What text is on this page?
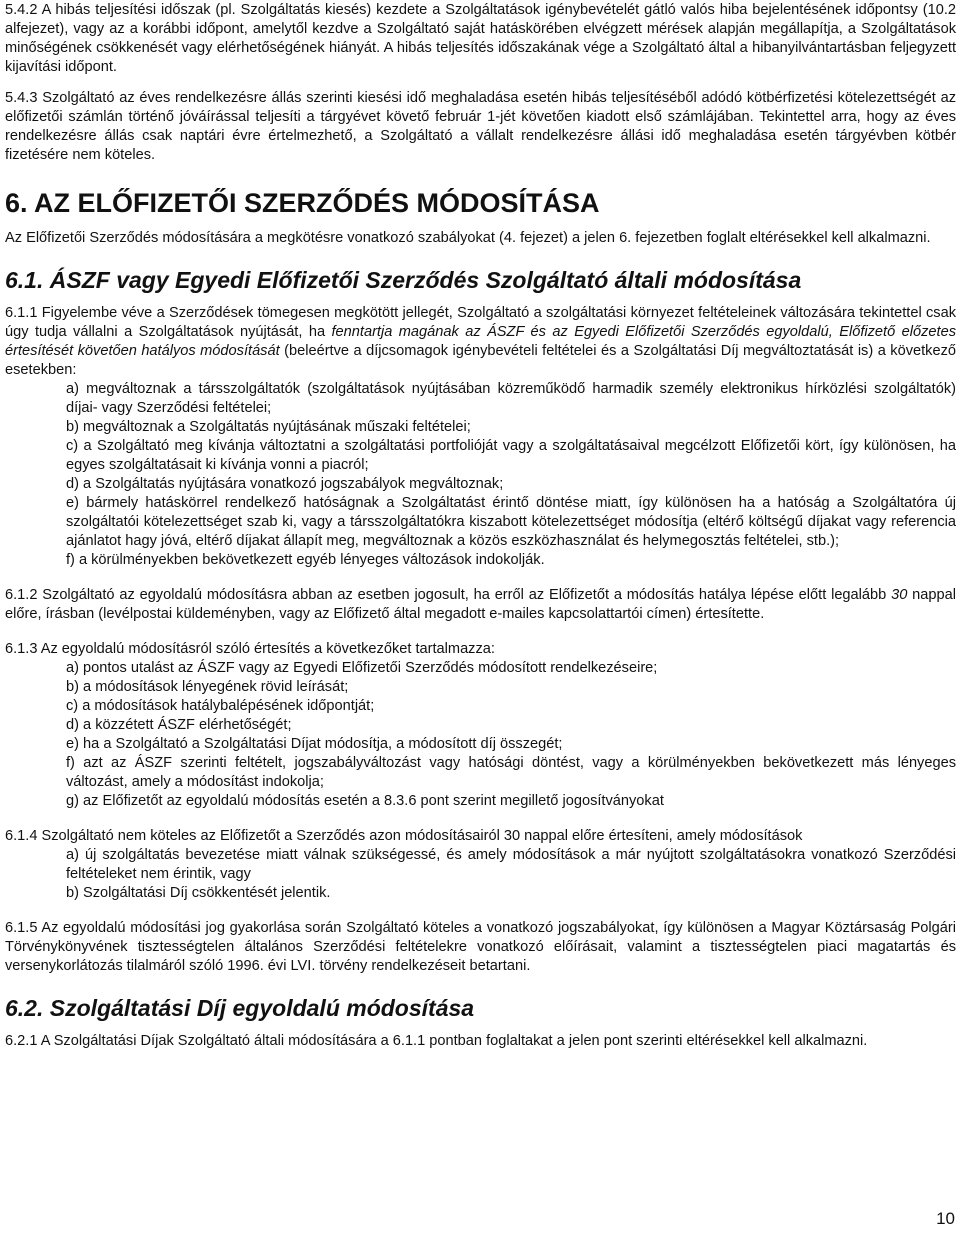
5.4.2 A hibás teljesítési időszak (pl. Szolgáltatás kiesés) kezdete a Szolgáltatások igénybevételét gátló valós hiba bejelentésének időpontsy (10.2 alfejezet), vagy az a korábbi időpont, amelytől kezdve a Szolgáltató saját hatáskörében elvégzett mérések alapján megállapítja, a Szolgáltatások minőségének csökkenését vagy elérhetőségének hiányát. A hibás teljesítés időszakának vége a Szolgáltató által a hibanyilvántartásban feljegyzett kijavítási időpont.

5.4.3 Szolgáltató az éves rendelkezésre állás szerinti kiesési idő meghaladása esetén hibás teljesítéséből adódó kötbérfizetési kötelezettségét az előfizetői számlán történő jóváírással teljesíti a tárgyévet követő február 1-jét követően kiadott első számlájában. Tekintettel arra, hogy az éves rendelkezésre állás csak naptári évre értelmezhető, a Szolgáltató a vállalt rendelkezésre állási idő meghaladása esetén tárgyévben kötbér fizetésére nem köteles.

6. AZ ELŐFIZETŐI SZERZŐDÉS MÓDOSÍTÁSA

Az Előfizetői Szerződés módosítására a megkötésre vonatkozó szabályokat (4. fejezet) a jelen 6. fejezetben foglalt eltérésekkel kell alkalmazni.

6.1. ÁSZF vagy Egyedi Előfizetői Szerződés Szolgáltató általi módosítása

6.1.1 Figyelembe véve a Szerződések tömegesen megkötött jellegét, Szolgáltató a szolgáltatási környezet feltételeinek változására tekintettel csak úgy tudja vállalni a Szolgáltatások nyújtását, ha fenntartja magának az ÁSZF és az Egyedi Előfizetői Szerződés egyoldalú, Előfizető előzetes értesítését követően hatályos módosítását (beleértve a díjcsomagok igénybevételi feltételei és a Szolgáltatási Díj megváltoztatását is) a következő esetekben:

a) megváltoznak a társszolgáltatók (szolgáltatások nyújtásában közreműködő harmadik személy elektronikus hírközlési szolgáltatók) díjai- vagy Szerződési feltételei;

b) megváltoznak a Szolgáltatás nyújtásának műszaki feltételei;

c) a Szolgáltató meg kívánja változtatni a szolgáltatási portfolióját vagy a szolgáltatásaival megcélzott Előfizetői kört, így különösen, ha egyes szolgáltatásait ki kívánja vonni a piacról;

d) a Szolgáltatás nyújtására vonatkozó jogszabályok megváltoznak;

e) bármely hatáskörrel rendelkező hatóságnak a Szolgáltatást érintő döntése miatt, így különösen ha a hatóság a Szolgáltatóra új szolgáltatói kötelezettséget szab ki, vagy a társszolgáltatókra kiszabott kötelezettséget módosítja (eltérő költségű díjakat vagy referencia ajánlatot hagy jóvá, eltérő díjakat állapít meg, megváltoznak a közös eszközhasználat és helymegosztás feltételei, stb.);

f) a körülményekben bekövetkezett egyéb lényeges változások indokolják.

6.1.2 Szolgáltató az egyoldalú módosításra abban az esetben jogosult, ha erről az Előfizetőt a módosítás hatálya lépése előtt legalább 30 nappal előre, írásban (levélpostai küldeményben, vagy az Előfizető által megadott e-mailes kapcsolattartói címen) értesítette.

6.1.3 Az egyoldalú módosításról szóló értesítés a következőket tartalmazza:

a) pontos utalást az ÁSZF vagy az Egyedi Előfizetői Szerződés módosított rendelkezéseire;

b) a módosítások lényegének rövid leírását;

c) a módosítások hatálybalépésének időpontját;

d) a közzétett ÁSZF elérhetőségét;

e) ha a Szolgáltató a Szolgáltatási Díjat módosítja, a módosított díj összegét;

f) azt az ÁSZF szerinti feltételt, jogszabályváltozást vagy hatósági döntést, vagy a körülményekben bekövetkezett más lényeges változást, amely a módosítást indokolja;

g) az Előfizetőt az egyoldalú módosítás esetén a 8.3.6 pont szerint megillető jogosítványokat

6.1.4 Szolgáltató nem köteles az Előfizetőt a Szerződés azon módosításairól 30 nappal előre értesíteni, amely módosítások

a) új szolgáltatás bevezetése miatt válnak szükségessé, és amely módosítások a már nyújtott szolgáltatásokra vonatkozó Szerződési feltételeket nem érintik, vagy

b) Szolgáltatási Díj csökkentését jelentik.

6.1.5 Az egyoldalú módosítási jog gyakorlása során Szolgáltató köteles a vonatkozó jogszabályokat, így különösen a Magyar Köztársaság Polgári Törvénykönyvének tisztességtelen általános Szerződési feltételekre vonatkozó előírásait, valamint a tisztességtelen piaci magatartás és versenykorlátozás tilalmáról szóló 1996. évi LVI. törvény rendelkezéseit betartani.

6.2. Szolgáltatási Díj egyoldalú módosítása

6.2.1 A Szolgáltatási Díjak Szolgáltató általi módosítására a 6.1.1 pontban foglaltakat a jelen pont szerinti eltérésekkel kell alkalmazni.

10
